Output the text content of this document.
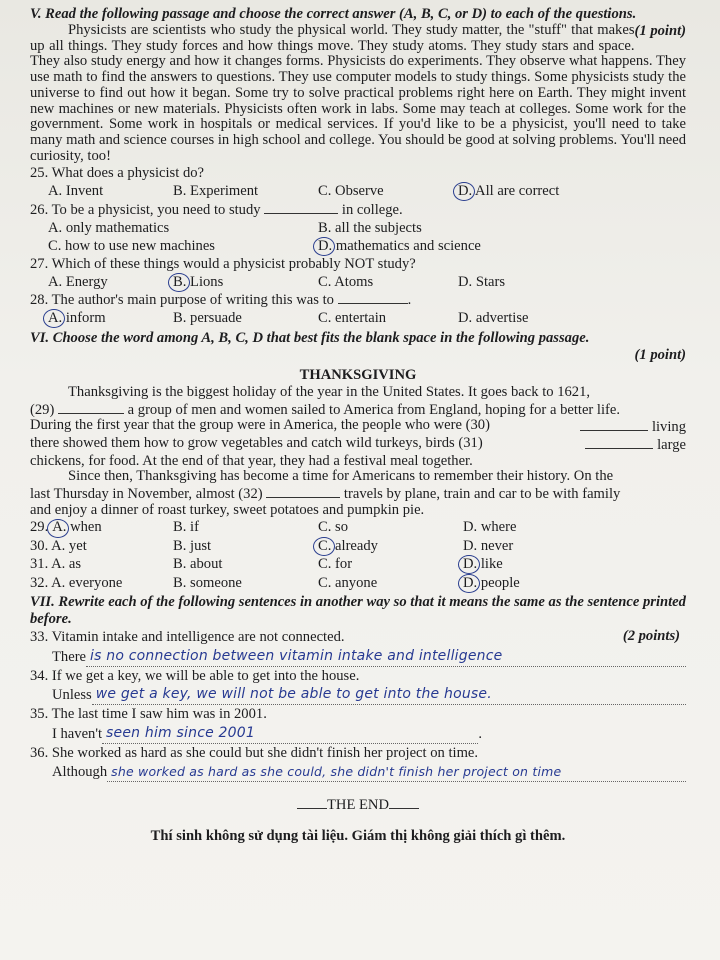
V. Read the following passage and choose the correct answer (A, B, C, or D) to each of the questions.
(1 point)

Physicists are scientists who study the physical world. They study matter, the "stuff" that makes up all things. They study forces and how things move. They study atoms. They study stars and space. They also study energy and how it changes forms. Physicists do experiments. They observe what happens. They use math to find the answers to questions. They use computer models to study things. Some physicists study the universe to find out how it began. Some try to solve practical problems right here on Earth. They might invent new machines or new materials. Physicists often work in labs. Some may teach at colleges. Some work for the government. Some work in hospitals or medical services. If you'd like to be a physicist, you'll need to take many math and science courses in high school and college. You should be good at solving problems. You'll need curiosity, too!

25. What does a physicist do?
A. Invent	B. Experiment	C. Observe	D. All are correct
26. To be a physicist, you need to study	in college.
A. only mathematics	B. all the subjects
C. how to use new machines	D. mathematics and science
27. Which of these things would a physicist probably NOT study?
A. Energy	B. Lions	C. Atoms	D. Stars
28. The author's main purpose of writing this was to	.
A. inform	B. persuade	C. entertain	D. advertise
VI. Choose the word among A, B, C, D that best fits the blank space in the following passage.
(1 point)
THANKSGIVING

Thanksgiving is the biggest holiday of the year in the United States. It goes back to 1621,

(29)	a group of men and women sailed to America from England, hoping for a better life.

During the first year that the group were in America, the people who were (30)	living

there showed them how to grow vegetables and catch wild turkeys, birds (31)	large

chickens, for food. At the end of that year, they had a festival meal together.

Since then, Thanksgiving has become a time for Americans to remember their history. On the

last Thursday in November, almost (32)	travels by plane, train and car to be with family

and enjoy a dinner of roast turkey, sweet potatoes and pumpkin pie.

29. A. when	B. if	C. so	D. where
30. A. yet	B. just	C. already	D. never
31. A. as	B. about	C. for	D. like
32. A. everyone	B. someone	C. anyone	D. people
VII. Rewrite each of the following sentences in another way so that it means the same as the sentence printed before.
(2 points)
33. Vitamin intake and intelligence are not connected.
There is no connection between vitamin intake and intelligence
34. If we get a key, we will be able to get into the house.
Unless we get a key, we will not be able to get into the house.
35. The last time I saw him was in 2001.
I haven't seen him since 2001	.
36. She worked as hard as she could but she didn't finish her project on time.
Although she worked as hard as she could, she didn't finish her project on time
THE END
Thí sinh không sử dụng tài liệu. Giám thị không giải thích gì thêm.
